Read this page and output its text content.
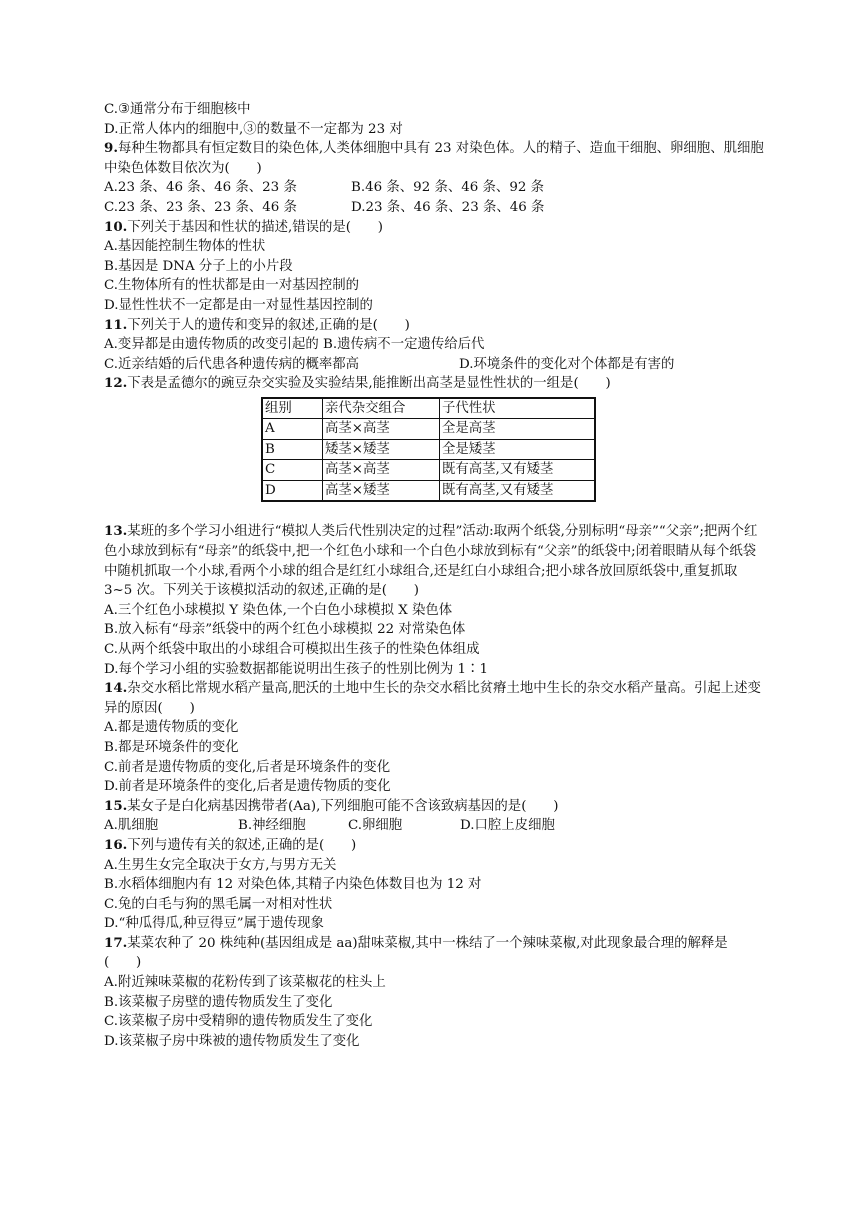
C.③通常分布于细胞核中
D.正常人体内的细胞中,③的数量不一定都为 23 对
9.每种生物都具有恒定数目的染色体,人类体细胞中具有 23 对染色体。人的精子、造血干细胞、卵细胞、肌细胞中染色体数目依次为(　　)
A.23 条、46 条、46 条、23 条	B.46 条、92 条、46 条、92 条
C.23 条、23 条、23 条、46 条	D.23 条、46 条、23 条、46 条
10.下列关于基因和性状的描述,错误的是(　　)
A.基因能控制生物体的性状
B.基因是 DNA 分子上的小片段
C.生物体所有的性状都是由一对基因控制的
D.显性性状不一定都是由一对显性基因控制的
11.下列关于人的遗传和变异的叙述,正确的是(　　)
A.变异都是由遗传物质的改变引起的 B.遗传病不一定遗传给后代
C.近亲结婚的后代患各种遗传病的概率都高	D.环境条件的变化对个体都是有害的
12.下表是孟德尔的豌豆杂交实验及实验结果,能推断出高茎是显性性状的一组是(　　)
组别	亲代杂交组合	子代性状
A	高茎×高茎	全是高茎
B	矮茎×矮茎	全是矮茎
C	高茎×高茎	既有高茎,又有矮茎
D	高茎×矮茎	既有高茎,又有矮茎
13.某班的多个学习小组进行“模拟人类后代性别决定的过程”活动:取两个纸袋,分别标明“母亲”“父亲”;把两个红色小球放到标有“母亲”的纸袋中,把一个红色小球和一个白色小球放到标有“父亲”的纸袋中;闭着眼睛从每个纸袋中随机抓取一个小球,看两个小球的组合是红红小球组合,还是红白小球组合;把小球各放回原纸袋中,重复抓取 3~5 次。下列关于该模拟活动的叙述,正确的是(　　)
A.三个红色小球模拟 Y 染色体,一个白色小球模拟 X 染色体
B.放入标有“母亲”纸袋中的两个红色小球模拟 22 对常染色体
C.从两个纸袋中取出的小球组合可模拟出生孩子的性染色体组成
D.每个学习小组的实验数据都能说明出生孩子的性别比例为 1∶1
14.杂交水稻比常规水稻产量高,肥沃的土地中生长的杂交水稻比贫瘠土地中生长的杂交水稻产量高。引起上述变异的原因(　　)
A.都是遗传物质的变化
B.都是环境条件的变化
C.前者是遗传物质的变化,后者是环境条件的变化
D.前者是环境条件的变化,后者是遗传物质的变化
15.某女子是白化病基因携带者(Aa),下列细胞可能不含该致病基因的是(　　)
A.肌细胞	B.神经细胞	C.卵细胞	D.口腔上皮细胞
16.下列与遗传有关的叙述,正确的是(　　)
A.生男生女完全取决于女方,与男方无关
B.水稻体细胞内有 12 对染色体,其精子内染色体数目也为 12 对
C.兔的白毛与狗的黑毛属一对相对性状
D.“种瓜得瓜,种豆得豆”属于遗传现象
17.某菜农种了 20 株纯种(基因组成是 aa)甜味菜椒,其中一株结了一个辣味菜椒,对此现象最合理的解释是(　　)
A.附近辣味菜椒的花粉传到了该菜椒花的柱头上
B.该菜椒子房壁的遗传物质发生了变化
C.该菜椒子房中受精卵的遗传物质发生了变化
D.该菜椒子房中珠被的遗传物质发生了变化
